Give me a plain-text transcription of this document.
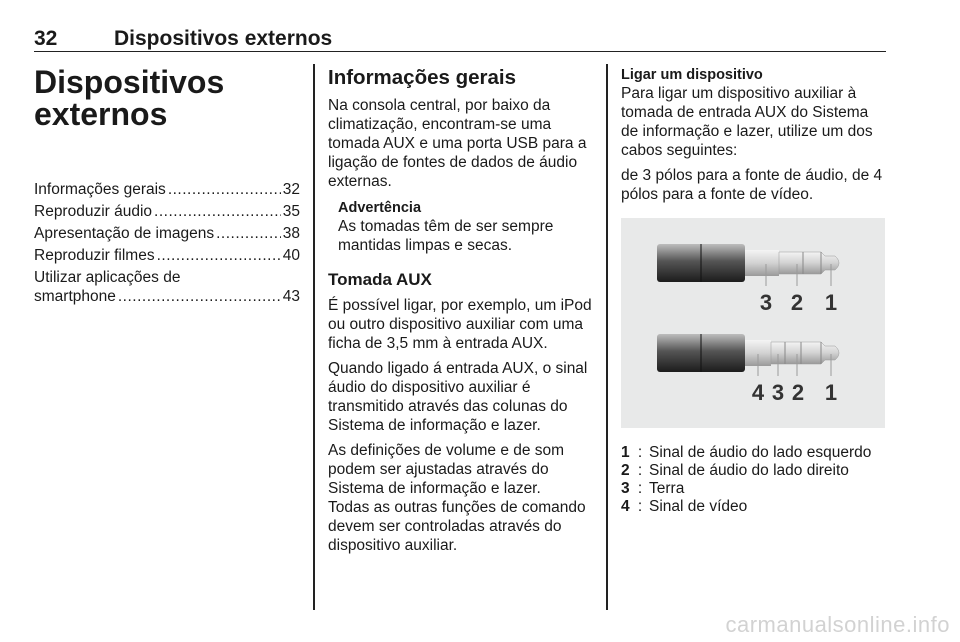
32	Dispositivos externos
Dispositivos
externos
Informações gerais .....	32
Reproduzir áudio .....	35
Apresentação de imagens .....	38
Reproduzir filmes .....	40
Utilizar aplicações de
smartphone .....	43
Informações gerais

Na consola central, por baixo da climatização, encontram-se uma tomada AUX e uma porta USB para a ligação de fontes de dados de áudio externas.

Advertência

As tomadas têm de ser sempre mantidas limpas e secas.

Tomada AUX

É possível ligar, por exemplo, um iPod ou outro dispositivo auxiliar com uma ficha de 3,5 mm à entrada AUX.

Quando ligado á entrada AUX, o sinal áudio do dispositivo auxiliar é transmitido através das colunas do Sistema de informação e lazer.

As definições de volume e de som podem ser ajustadas através do Sistema de informação e lazer.

Todas as outras funções de comando devem ser controladas através do dispositivo auxiliar.

Ligar um dispositivo

Para ligar um dispositivo auxiliar à tomada de entrada AUX do Sistema de informação e lazer, utilize um dos cabos seguintes:

de 3 pólos para a fonte de áudio, de 4 pólos para a fonte de vídeo.

3 2 1
4 3 2 1
1 : Sinal de áudio do lado esquerdo
2 : Sinal de áudio do lado direito
3 : Terra
4 : Sinal de vídeo
carmanualsonline.info
